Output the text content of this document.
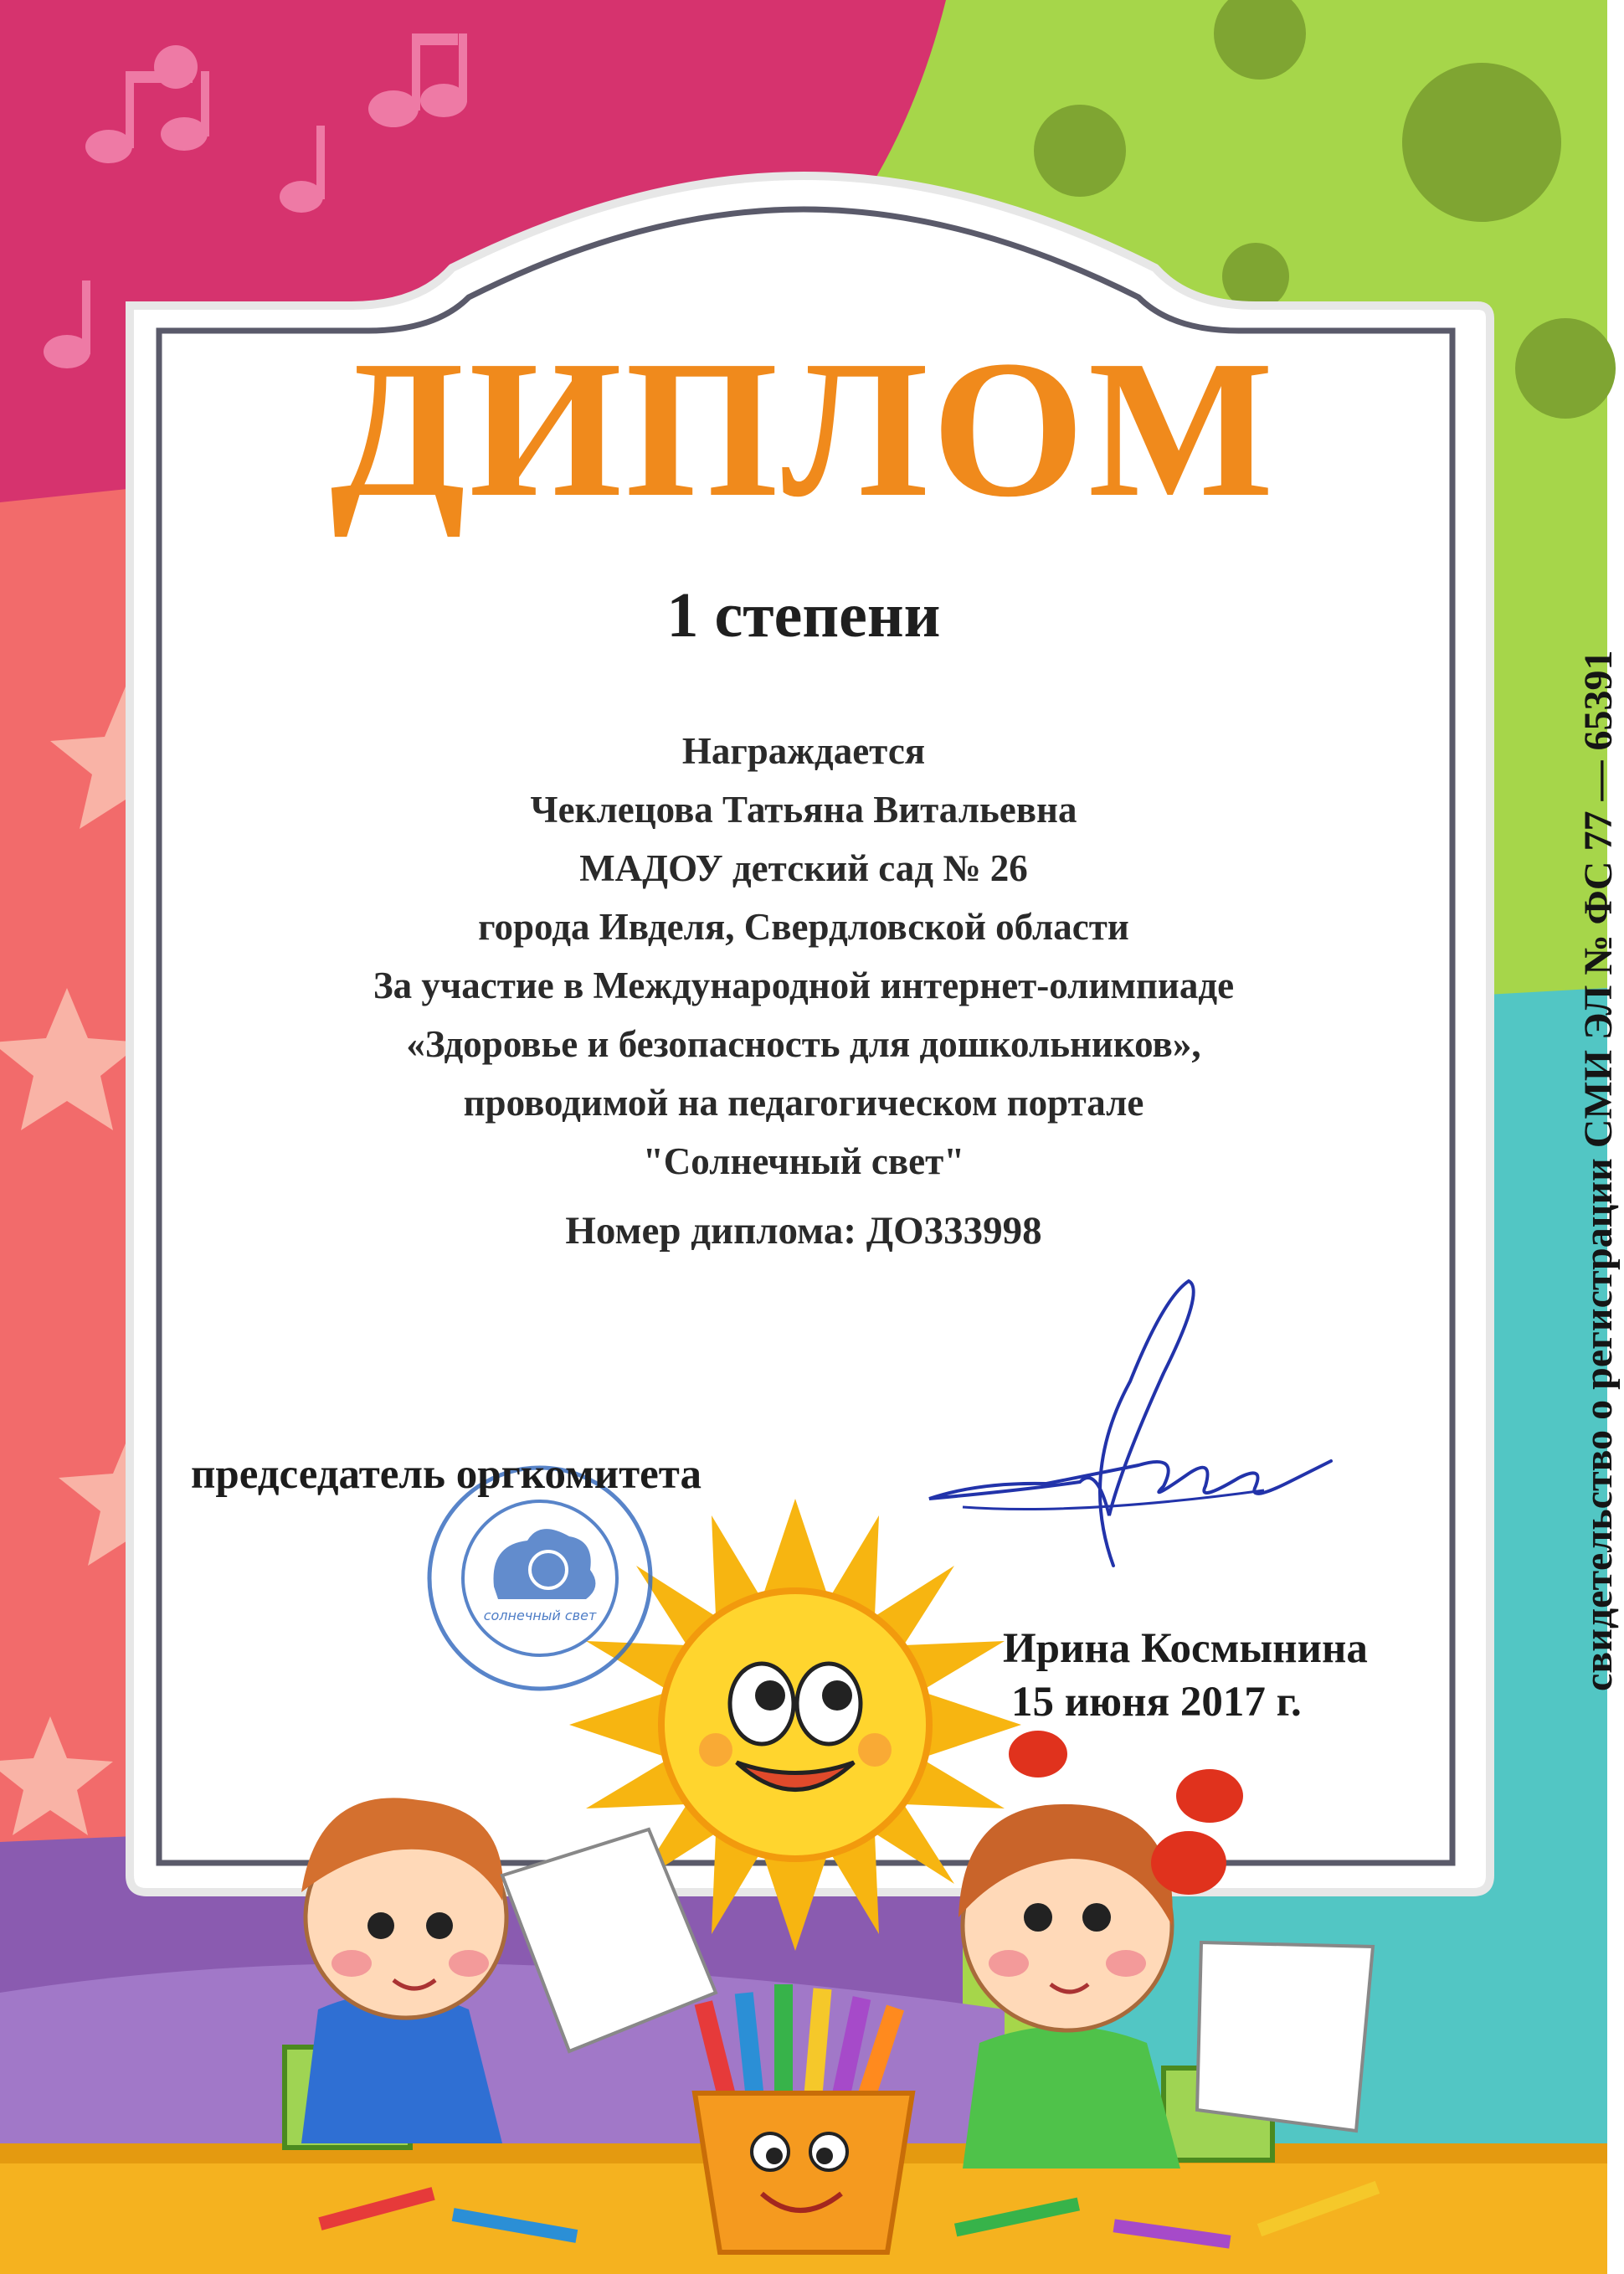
ДИПЛОМ
1 степени
Награждается
Чеклецова Татьяна Витальевна
МАДОУ детский сад № 26
города Ивделя, Свердловской области
За участие в Международной интернет-олимпиаде
«Здоровье и безопасность для дошкольников»,
проводимой на педагогическом портале
"Солнечный свет"
Номер диплома: ДО333998
солнечный свет
председатель оргкомитета
Ирина Космынина
15 июня 2017 г.
свидетельство о регистрации СМИ ЭЛ № ФС 77 — 65391
